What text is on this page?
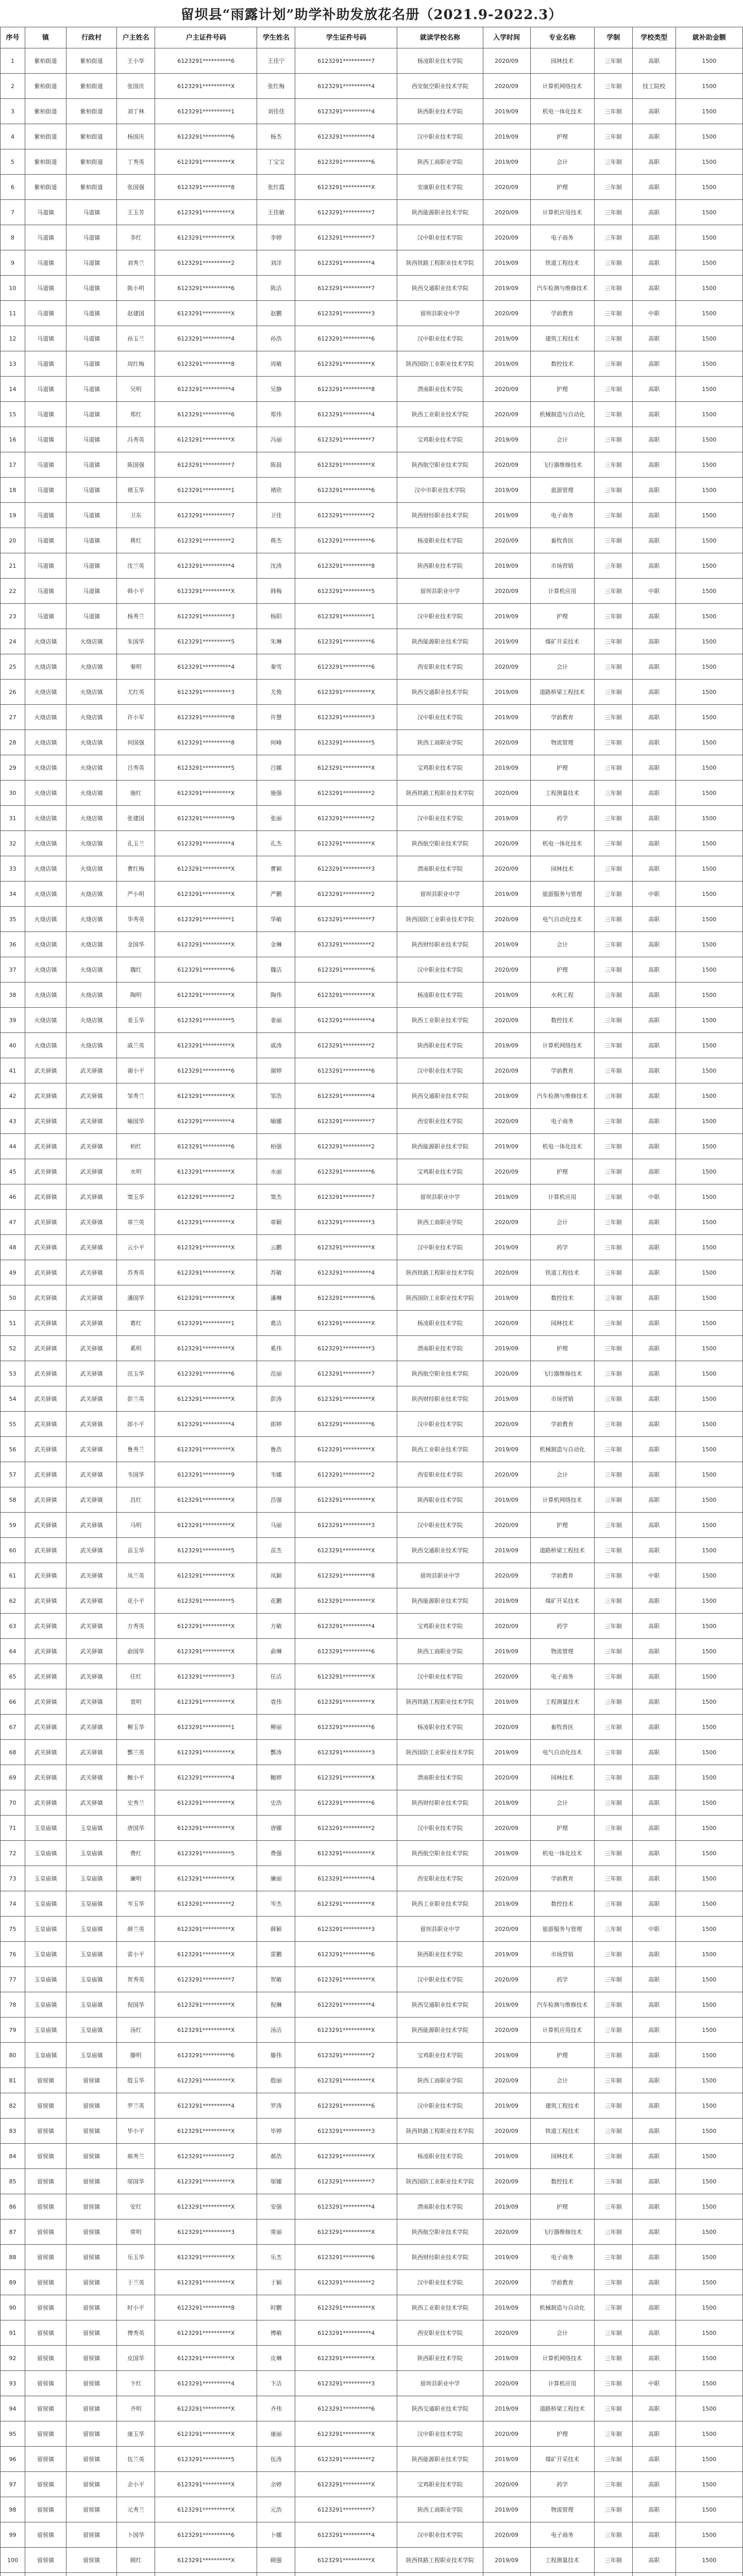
留坝县“雨露计划”助学补助发放花名册（2021.9-2022.3）
序号	镇	行政村	户主姓名	户主证件号码	学生姓名	学生证件号码	就读学校名称	入学时间	专业名称	学制	学校类型	就补助金额
1	紫柏街道	紫柏街道	王小华	6123291**********6	王佳宁	6123291**********7	杨凌职业技术学院	2020/09	园林技术	三年制	高职	1500
2	紫柏街道	紫柏街道	张国庆	6123291**********X	张红梅	6123291**********4	西安航空职业技术学院	2020/09	计算机网络技术	三年制	技工院校	1500
3	紫柏街道	紫柏街道	刘丁林	6123291**********1	刘佳佳	6123291**********4	陕西职业技术学院	2019/09	机电一体化技术	三年制	高职	1500
4	紫柏街道	紫柏街道	杨国庆	6123291**********6	杨杰	6123291**********4	汉中职业技术学院	2019/09	护理	三年制	高职	1500
5	紫柏街道	紫柏街道	丁秀英	6123291**********X	丁宝宝	6123291**********6	陕西工商职业学院	2019/09	会计	三年制	高职	1500
6	紫柏街道	紫柏街道	张国强	6123291**********8	张红霞	6123291**********X	安康职业技术学院	2020/09	护理	三年制	高职	1500
7	马道镇	马道镇	王玉芳	6123291**********X	王佳敏	6123291**********7	陕西能源职业技术学院	2020/09	计算机应用技术	三年制	高职	1500
8	马道镇	马道镇	李红	6123291**********X	李婷	6123291**********7	汉中职业技术学院	2020/09	电子商务	三年制	高职	1500
9	马道镇	马道镇	刘秀兰	6123291**********2	刘洋	6123291**********4	陕西铁路工程职业技术学院	2019/09	铁道工程技术	三年制	高职	1500
10	马道镇	马道镇	陈小明	6123291**********6	陈洁	6123291**********7	陕西交通职业技术学院	2019/09	汽车检测与维修技术	三年制	高职	1500
11	马道镇	马道镇	赵建国	6123291**********X	赵鹏	6123291**********3	留坝县职业中学	2020/09	学前教育	三年制	中职	1500
12	马道镇	马道镇	孙玉兰	6123291**********4	孙浩	6123291**********6	汉中职业技术学院	2019/09	建筑工程技术	三年制	高职	1500
13	马道镇	马道镇	周红梅	6123291**********8	周敏	6123291**********X	陕西国防工业职业技术学院	2019/09	数控技术	三年制	高职	1500
14	马道镇	马道镇	吴明	6123291**********4	吴静	6123291**********8	渭南职业技术学院	2020/09	护理	三年制	高职	1500
15	马道镇	马道镇	郑红	6123291**********6	郑伟	6123291**********4	陕西工业职业技术学院	2020/09	机械制造与自动化	三年制	高职	1500
16	马道镇	马道镇	冯秀英	6123291**********X	冯丽	6123291**********7	宝鸡职业技术学院	2019/09	会计	三年制	高职	1500
17	马道镇	马道镇	陈国强	6123291**********7	陈晨	6123291**********X	陕西航空职业技术学院	2020/09	飞行器维修技术	三年制	高职	1500
18	马道镇	马道镇	褚玉华	6123291**********1	褚欣	6123291**********6	汉中市职业技术学院	2019/09	旅游管理	三年制	高职	1500
19	马道镇	马道镇	卫东	6123291**********7	卫佳	6123291**********2	陕西财经职业技术学院	2019/09	电子商务	三年制	高职	1500
20	马道镇	马道镇	蒋红	6123291**********2	蒋杰	6123291**********6	杨凌职业技术学院	2020/09	畜牧兽医	三年制	高职	1500
21	马道镇	马道镇	沈兰英	6123291**********4	沈涛	6123291**********8	陕西职业技术学院	2019/09	市场营销	三年制	高职	1500
22	马道镇	马道镇	韩小平	6123291**********X	韩梅	6123291**********5	留坝县职业中学	2020/09	计算机应用	三年制	中职	1500
23	马道镇	马道镇	杨秀兰	6123291**********3	杨阳	6123291**********1	汉中职业技术学院	2019/09	护理	三年制	高职	1500
24	火烧店镇	火烧店镇	朱国华	6123291**********5	朱琳	6123291**********6	陕西能源职业技术学院	2019/09	煤矿开采技术	三年制	高职	1500
25	火烧店镇	火烧店镇	秦明	6123291**********4	秦雪	6123291**********6	西安职业技术学院	2020/09	会计	三年制	高职	1500
26	火烧店镇	火烧店镇	尤红英	6123291**********3	尤俊	6123291**********X	陕西交通职业技术学院	2019/09	道路桥梁工程技术	三年制	高职	1500
27	火烧店镇	火烧店镇	许小军	6123291**********8	许慧	6123291**********3	汉中职业技术学院	2019/09	学前教育	三年制	高职	1500
28	火烧店镇	火烧店镇	何国强	6123291**********8	何峰	6123291**********5	陕西工商职业学院	2020/09	物流管理	三年制	高职	1500
29	火烧店镇	火烧店镇	吕秀英	6123291**********5	吕娜	6123291**********X	宝鸡职业技术学院	2019/09	护理	三年制	高职	1500
30	火烧店镇	火烧店镇	施红	6123291**********X	施强	6123291**********2	陕西铁路工程职业技术学院	2020/09	工程测量技术	三年制	高职	1500
31	火烧店镇	火烧店镇	张建国	6123291**********9	张丽	6123291**********2	汉中职业技术学院	2019/09	药学	三年制	高职	1500
32	火烧店镇	火烧店镇	孔玉兰	6123291**********4	孔杰	6123291**********X	陕西航空职业技术学院	2020/09	机电一体化技术	三年制	高职	1500
33	火烧店镇	火烧店镇	曹红梅	6123291**********X	曹颖	6123291**********3	渭南职业技术学院	2020/09	园林技术	三年制	高职	1500
34	火烧店镇	火烧店镇	严小明	6123291**********X	严鹏	6123291**********2	留坝县职业中学	2019/09	旅游服务与管理	三年制	中职	1500
35	火烧店镇	火烧店镇	华秀英	6123291**********1	华敏	6123291**********7	陕西国防工业职业技术学院	2020/09	电气自动化技术	三年制	高职	1500
36	火烧店镇	火烧店镇	金国华	6123291**********X	金琳	6123291**********2	陕西财经职业技术学院	2019/09	会计	三年制	高职	1500
37	火烧店镇	火烧店镇	魏红	6123291**********6	魏洁	6123291**********6	汉中职业技术学院	2020/09	护理	三年制	高职	1500
38	火烧店镇	火烧店镇	陶明	6123291**********X	陶伟	6123291**********X	杨凌职业技术学院	2019/09	水利工程	三年制	高职	1500
39	火烧店镇	火烧店镇	姜玉华	6123291**********5	姜丽	6123291**********4	陕西工业职业技术学院	2020/09	数控技术	三年制	高职	1500
40	火烧店镇	火烧店镇	戚兰英	6123291**********X	戚涛	6123291**********2	陕西职业技术学院	2019/09	计算机网络技术	三年制	高职	1500
41	武关驿镇	武关驿镇	谢小平	6123291**********6	谢婷	6123291**********6	汉中职业技术学院	2020/09	学前教育	三年制	高职	1500
42	武关驿镇	武关驿镇	邹秀兰	6123291**********X	邹浩	6123291**********4	陕西交通职业技术学院	2019/09	汽车检测与维修技术	三年制	高职	1500
43	武关驿镇	武关驿镇	喻国华	6123291**********4	喻娜	6123291**********7	西安职业技术学院	2020/09	电子商务	三年制	高职	1500
44	武关驿镇	武关驿镇	柏红	6123291**********6	柏强	6123291**********2	陕西能源职业技术学院	2019/09	机电一体化技术	三年制	高职	1500
45	武关驿镇	武关驿镇	水明	6123291**********X	水丽	6123291**********6	宝鸡职业技术学院	2020/09	护理	三年制	高职	1500
46	武关驿镇	武关驿镇	窦玉华	6123291**********2	窦杰	6123291**********7	留坝县职业中学	2019/09	计算机应用	三年制	中职	1500
47	武关驿镇	武关驿镇	章兰英	6123291**********X	章颖	6123291**********3	陕西工商职业学院	2020/09	会计	三年制	高职	1500
48	武关驿镇	武关驿镇	云小平	6123291**********X	云鹏	6123291**********X	汉中职业技术学院	2019/09	药学	三年制	高职	1500
49	武关驿镇	武关驿镇	苏秀英	6123291**********X	苏敏	6123291**********4	陕西铁路工程职业技术学院	2020/09	铁道工程技术	三年制	高职	1500
50	武关驿镇	武关驿镇	潘国华	6123291**********X	潘琳	6123291**********6	陕西国防工业职业技术学院	2019/09	数控技术	三年制	高职	1500
51	武关驿镇	武关驿镇	葛红	6123291**********1	葛洁	6123291**********X	杨凌职业技术学院	2020/09	园林技术	三年制	高职	1500
52	武关驿镇	武关驿镇	奚明	6123291**********X	奚伟	6123291**********3	渭南职业技术学院	2019/09	护理	三年制	高职	1500
53	武关驿镇	武关驿镇	范玉华	6123291**********6	范丽	6123291**********7	陕西航空职业技术学院	2020/09	飞行器维修技术	三年制	高职	1500
54	武关驿镇	武关驿镇	彭兰英	6123291**********X	彭涛	6123291**********X	陕西财经职业技术学院	2019/09	市场营销	三年制	高职	1500
55	武关驿镇	武关驿镇	郎小平	6123291**********4	郎婷	6123291**********6	汉中职业技术学院	2020/09	学前教育	三年制	高职	1500
56	武关驿镇	武关驿镇	鲁秀兰	6123291**********X	鲁浩	6123291**********X	陕西工业职业技术学院	2019/09	机械制造与自动化	三年制	高职	1500
57	武关驿镇	武关驿镇	韦国华	6123291**********9	韦娜	6123291**********2	西安职业技术学院	2020/09	会计	三年制	高职	1500
58	武关驿镇	武关驿镇	昌红	6123291**********X	昌强	6123291**********X	陕西职业技术学院	2019/09	计算机网络技术	三年制	高职	1500
59	武关驿镇	武关驿镇	马明	6123291**********X	马丽	6123291**********3	汉中职业技术学院	2020/09	护理	三年制	高职	1500
60	武关驿镇	武关驿镇	苗玉华	6123291**********5	苗杰	6123291**********X	陕西交通职业技术学院	2019/09	道路桥梁工程技术	三年制	高职	1500
61	武关驿镇	武关驿镇	凤兰英	6123291**********X	凤颖	6123291**********8	留坝县职业中学	2020/09	学前教育	三年制	中职	1500
62	武关驿镇	武关驿镇	花小平	6123291**********5	花鹏	6123291**********X	陕西能源职业技术学院	2019/09	煤矿开采技术	三年制	高职	1500
63	武关驿镇	武关驿镇	方秀英	6123291**********X	方敏	6123291**********4	宝鸡职业技术学院	2020/09	药学	三年制	高职	1500
64	武关驿镇	武关驿镇	俞国华	6123291**********X	俞琳	6123291**********6	陕西工商职业学院	2019/09	物流管理	三年制	高职	1500
65	武关驿镇	武关驿镇	任红	6123291**********3	任洁	6123291**********X	汉中职业技术学院	2020/09	电子商务	三年制	高职	1500
66	武关驿镇	武关驿镇	袁明	6123291**********X	袁伟	6123291**********X	陕西铁路工程职业技术学院	2019/09	工程测量技术	三年制	高职	1500
67	武关驿镇	武关驿镇	柳玉华	6123291**********1	柳丽	6123291**********6	杨凌职业技术学院	2020/09	畜牧兽医	三年制	高职	1500
68	武关驿镇	武关驿镇	酆兰英	6123291**********X	酆涛	6123291**********3	陕西国防工业职业技术学院	2019/09	电气自动化技术	三年制	高职	1500
69	武关驿镇	武关驿镇	鲍小平	6123291**********4	鲍婷	6123291**********X	渭南职业技术学院	2020/09	园林技术	三年制	高职	1500
70	武关驿镇	武关驿镇	史秀兰	6123291**********X	史浩	6123291**********6	陕西财经职业技术学院	2019/09	会计	三年制	高职	1500
71	玉皇庙镇	玉皇庙镇	唐国华	6123291**********X	唐娜	6123291**********2	汉中职业技术学院	2020/09	护理	三年制	高职	1500
72	玉皇庙镇	玉皇庙镇	费红	6123291**********5	费强	6123291**********X	陕西航空职业技术学院	2019/09	机电一体化技术	三年制	高职	1500
73	玉皇庙镇	玉皇庙镇	廉明	6123291**********X	廉丽	6123291**********4	西安职业技术学院	2020/09	学前教育	三年制	高职	1500
74	玉皇庙镇	玉皇庙镇	岑玉华	6123291**********2	岑杰	6123291**********X	陕西工业职业技术学院	2019/09	数控技术	三年制	高职	1500
75	玉皇庙镇	玉皇庙镇	薛兰英	6123291**********X	薛颖	6123291**********3	留坝县职业中学	2020/09	旅游服务与管理	三年制	中职	1500
76	玉皇庙镇	玉皇庙镇	雷小平	6123291**********X	雷鹏	6123291**********6	陕西职业技术学院	2019/09	市场营销	三年制	高职	1500
77	玉皇庙镇	玉皇庙镇	贺秀英	6123291**********7	贺敏	6123291**********X	汉中职业技术学院	2020/09	药学	三年制	高职	1500
78	玉皇庙镇	玉皇庙镇	倪国华	6123291**********X	倪琳	6123291**********4	陕西交通职业技术学院	2019/09	汽车检测与维修技术	三年制	高职	1500
79	玉皇庙镇	玉皇庙镇	汤红	6123291**********X	汤洁	6123291**********X	陕西能源职业技术学院	2020/09	计算机应用技术	三年制	高职	1500
80	玉皇庙镇	玉皇庙镇	滕明	6123291**********6	滕伟	6123291**********2	宝鸡职业技术学院	2019/09	护理	三年制	高职	1500
81	留侯镇	留侯镇	殷玉华	6123291**********X	殷丽	6123291**********X	陕西工商职业学院	2020/09	会计	三年制	高职	1500
82	留侯镇	留侯镇	罗兰英	6123291**********4	罗涛	6123291**********6	汉中职业技术学院	2019/09	建筑工程技术	三年制	高职	1500
83	留侯镇	留侯镇	毕小平	6123291**********X	毕婷	6123291**********3	陕西铁路工程职业技术学院	2020/09	铁道工程技术	三年制	高职	1500
84	留侯镇	留侯镇	郝秀兰	6123291**********2	郝浩	6123291**********X	杨凌职业技术学院	2019/09	园林技术	三年制	高职	1500
85	留侯镇	留侯镇	邬国华	6123291**********X	邬娜	6123291**********7	陕西国防工业职业技术学院	2020/09	数控技术	三年制	高职	1500
86	留侯镇	留侯镇	安红	6123291**********X	安强	6123291**********4	渭南职业技术学院	2019/09	护理	三年制	高职	1500
87	留侯镇	留侯镇	常明	6123291**********3	常丽	6123291**********X	陕西航空职业技术学院	2020/09	飞行器维修技术	三年制	高职	1500
88	留侯镇	留侯镇	乐玉华	6123291**********X	乐杰	6123291**********6	陕西财经职业技术学院	2019/09	电子商务	三年制	高职	1500
89	留侯镇	留侯镇	于兰英	6123291**********X	于颖	6123291**********2	汉中职业技术学院	2020/09	学前教育	三年制	高职	1500
90	留侯镇	留侯镇	时小平	6123291**********8	时鹏	6123291**********X	陕西工业职业技术学院	2019/09	机械制造与自动化	三年制	高职	1500
91	留侯镇	留侯镇	傅秀英	6123291**********X	傅敏	6123291**********4	西安职业技术学院	2020/09	会计	三年制	高职	1500
92	留侯镇	留侯镇	皮国华	6123291**********X	皮琳	6123291**********X	陕西职业技术学院	2019/09	计算机网络技术	三年制	高职	1500
93	留侯镇	留侯镇	卞红	6123291**********4	卞洁	6123291**********3	留坝县职业中学	2020/09	计算机应用	三年制	中职	1500
94	留侯镇	留侯镇	齐明	6123291**********X	齐伟	6123291**********6	陕西交通职业技术学院	2019/09	道路桥梁工程技术	三年制	高职	1500
95	留侯镇	留侯镇	康玉华	6123291**********X	康丽	6123291**********X	汉中职业技术学院	2020/09	护理	三年制	高职	1500
96	留侯镇	留侯镇	伍兰英	6123291**********5	伍涛	6123291**********2	陕西能源职业技术学院	2019/09	煤矿开采技术	三年制	高职	1500
97	留侯镇	留侯镇	余小平	6123291**********X	余婷	6123291**********X	宝鸡职业技术学院	2020/09	药学	三年制	高职	1500
98	留侯镇	留侯镇	元秀兰	6123291**********X	元浩	6123291**********7	陕西工商职业学院	2019/09	物流管理	三年制	高职	1500
99	留侯镇	留侯镇	卜国华	6123291**********6	卜娜	6123291**********4	汉中职业技术学院	2020/09	电子商务	三年制	高职	1500
100	留侯镇	留侯镇	顾红	6123291**********X	顾强	6123291**********X	陕西铁路工程职业技术学院	2019/09	工程测量技术	三年制	高职	1500
